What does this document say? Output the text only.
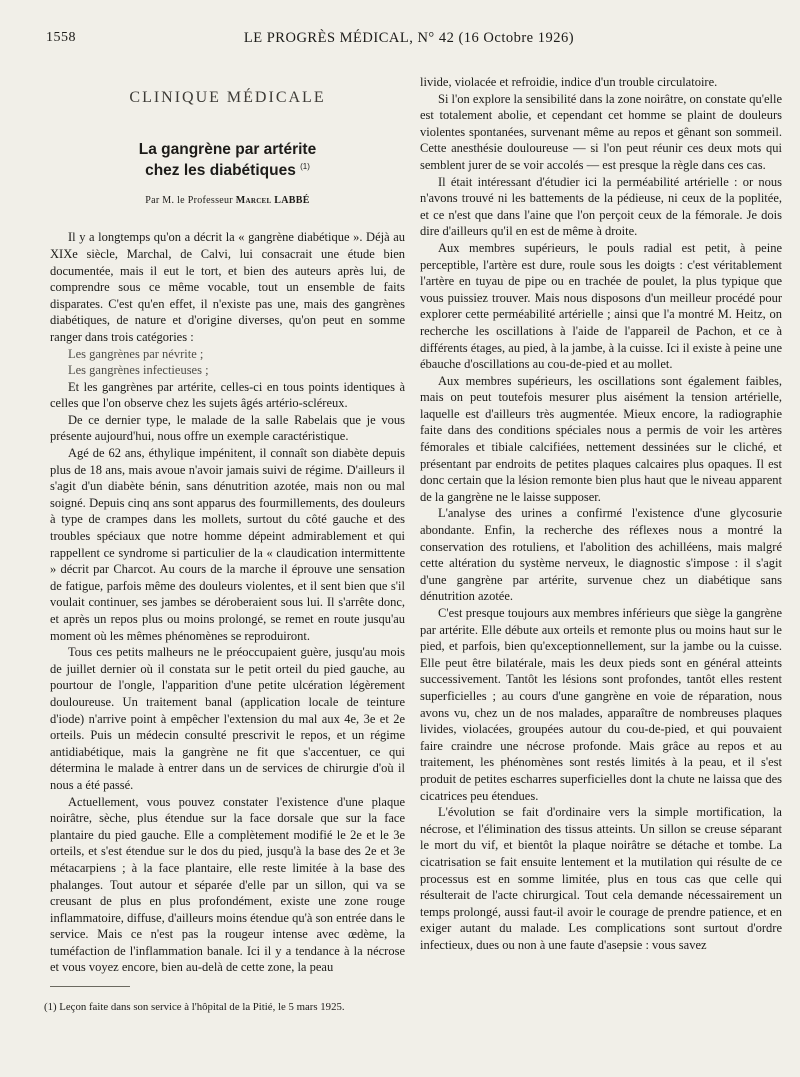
1558	LE PROGRÈS MÉDICAL, N° 42 (16 Octobre 1926)
CLINIQUE MÉDICALE

La gangrène par artérite
chez les diabétiques $^{(1)}$

Par M. le Professeur Marcel LABBÉ

Il y a longtemps qu'on a décrit la « gangrène diabétique ». Déjà au XIXe siècle, Marchal, de Calvi, lui consacrait une étude bien documentée, mais il eut le tort, et bien des auteurs après lui, de comprendre sous ce même vocable, tout un ensemble de faits disparates. C'est qu'en effet, il n'existe pas une, mais des gangrènes diabétiques, de nature et d'origine diverses, qu'on peut en somme ranger dans trois catégories :

Les gangrènes par névrite ;

Les gangrènes infectieuses ;

Et les gangrènes par artérite, celles-ci en tous points identiques à celles que l'on observe chez les sujets âgés artério-scléreux.

De ce dernier type, le malade de la salle Rabelais que je vous présente aujourd'hui, nous offre un exemple caractéristique.

Agé de 62 ans, éthylique impénitent, il connaît son diabète depuis plus de 18 ans, mais avoue n'avoir jamais suivi de régime. D'ailleurs il s'agit d'un diabète bénin, sans dénutrition azotée, mais non ou mal soigné. Depuis cinq ans sont apparus des fourmillements, des douleurs à type de crampes dans les mollets, surtout du côté gauche et des troubles spéciaux que notre homme dépeint admirablement et qui rappellent ce syndrome si particulier de la « claudication intermittente » décrit par Charcot. Au cours de la marche il éprouve une sensation de fatigue, parfois même des douleurs violentes, et il sent bien que s'il voulait continuer, ses jambes se déroberaient sous lui. Il s'arrête donc, et après un repos plus ou moins prolongé, se remet en route jusqu'au moment où les mêmes phénomènes se reproduiront.

Tous ces petits malheurs ne le préoccupaient guère, jusqu'au mois de juillet dernier où il constata sur le petit orteil du pied gauche, au pourtour de l'ongle, l'apparition d'une petite ulcération légèrement douloureuse. Un traitement banal (application locale de teinture d'iode) n'arrive point à empêcher l'extension du mal aux 4e, 3e et 2e orteils. Puis un médecin consulté prescrivit le repos, et un régime antidiabétique, mais la gangrène ne fit que s'accentuer, ce qui détermina le malade à entrer dans un de services de chirurgie d'où il nous a été passé.

Actuellement, vous pouvez constater l'existence d'une plaque noirâtre, sèche, plus étendue sur la face dorsale que sur la face plantaire du pied gauche. Elle a complètement modifié le 2e et le 3e orteils, et s'est étendue sur le dos du pied, jusqu'à la base des 2e et 3e métacarpiens ; à la face plantaire, elle reste limitée à la base des phalanges. Tout autour et séparée d'elle par un sillon, qui va se creusant de plus en plus profondément, existe une zone rouge inflammatoire, diffuse, d'ailleurs moins étendue qu'à son entrée dans le service. Mais ce n'est pas la rougeur intense avec œdème, la tuméfaction de l'inflammation banale. Ici il y a tendance à la nécrose et vous voyez encore, bien au-delà de cette zone, la peau

livide, violacée et refroidie, indice d'un trouble circulatoire.

Si l'on explore la sensibilité dans la zone noirâtre, on constate qu'elle est totalement abolie, et cependant cet homme se plaint de douleurs violentes spontanées, survenant même au repos et gênant son sommeil. Cette anesthésie douloureuse — si l'on peut réunir ces deux mots qui semblent jurer de se voir accolés — est presque la règle dans ces cas.

Il était intéressant d'étudier ici la perméabilité artérielle : or nous n'avons trouvé ni les battements de la pédieuse, ni ceux de la poplitée, et ce n'est que dans l'aine que l'on perçoit ceux de la fémorale. Je dois dire d'ailleurs qu'il en est de même à droite.

Aux membres supérieurs, le pouls radial est petit, à peine perceptible, l'artère est dure, roule sous les doigts : c'est véritablement l'artère en tuyau de pipe ou en trachée de poulet, la plus typique que vous puissiez trouver. Mais nous disposons d'un meilleur procédé pour explorer cette perméabilité artérielle ; ainsi que l'a montré M. Heitz, on recherche les oscillations à l'aide de l'appareil de Pachon, et ce à différents étages, au pied, à la jambe, à la cuisse. Ici il existe à peine une ébauche d'oscillations au cou-de-pied et au mollet.

Aux membres supérieurs, les oscillations sont également faibles, mais on peut toutefois mesurer plus aisément la tension artérielle, laquelle est d'ailleurs très augmentée. Mieux encore, la radiographie faite dans des conditions spéciales nous a permis de voir les artères fémorales et tibiale calcifiées, nettement dessinées sur le cliché, et présentant par endroits de petites plaques calcaires plus opaques. Il est donc certain que la lésion remonte bien plus haut que le niveau apparent de la gangrène ne le laisse supposer.

L'analyse des urines a confirmé l'existence d'une glycosurie abondante. Enfin, la recherche des réflexes nous a montré la conservation des rotuliens, et l'abolition des achilléens, mais malgré cette altération du système nerveux, le diagnostic s'impose : il s'agit d'une gangrène par artérite, survenue chez un diabétique sans dénutrition azotée.

C'est presque toujours aux membres inférieurs que siège la gangrène par artérite. Elle débute aux orteils et remonte plus ou moins haut sur le pied, et parfois, bien qu'exceptionnellement, sur la jambe ou la cuisse. Elle peut être bilatérale, mais les deux pieds sont en général atteints successivement. Tantôt les lésions sont profondes, tantôt elles restent superficielles ; au cours d'une gangrène en voie de réparation, nous avons vu, chez un de nos malades, apparaître de nombreuses plaques livides, violacées, groupées autour du cou-de-pied, et qui pouvaient faire craindre une nécrose profonde. Mais grâce au repos et au traitement, les phénomènes sont restés limités à la peau, et il s'est produit de petites escharres superficielles dont la chute ne laissa que des cicatrices peu étendues.

L'évolution se fait d'ordinaire vers la simple mortification, la nécrose, et l'élimination des tissus atteints. Un sillon se creuse séparant le mort du vif, et bientôt la plaque noirâtre se détache et tombe. La cicatrisation se fait ensuite lentement et la mutilation qui résulte de ce processus est en somme limitée, plus en tous cas que celle qui résulterait de l'acte chirurgical. Tout cela demande nécessairement un temps prolongé, aussi faut-il avoir le courage de prendre patience, et en exiger autant du malade. Les complications sont surtout d'ordre infectieux, dues ou non à une faute d'asepsie : vous savez

(1) Leçon faite dans son service à l'hôpital de la Pitié, le 5 mars 1925.
